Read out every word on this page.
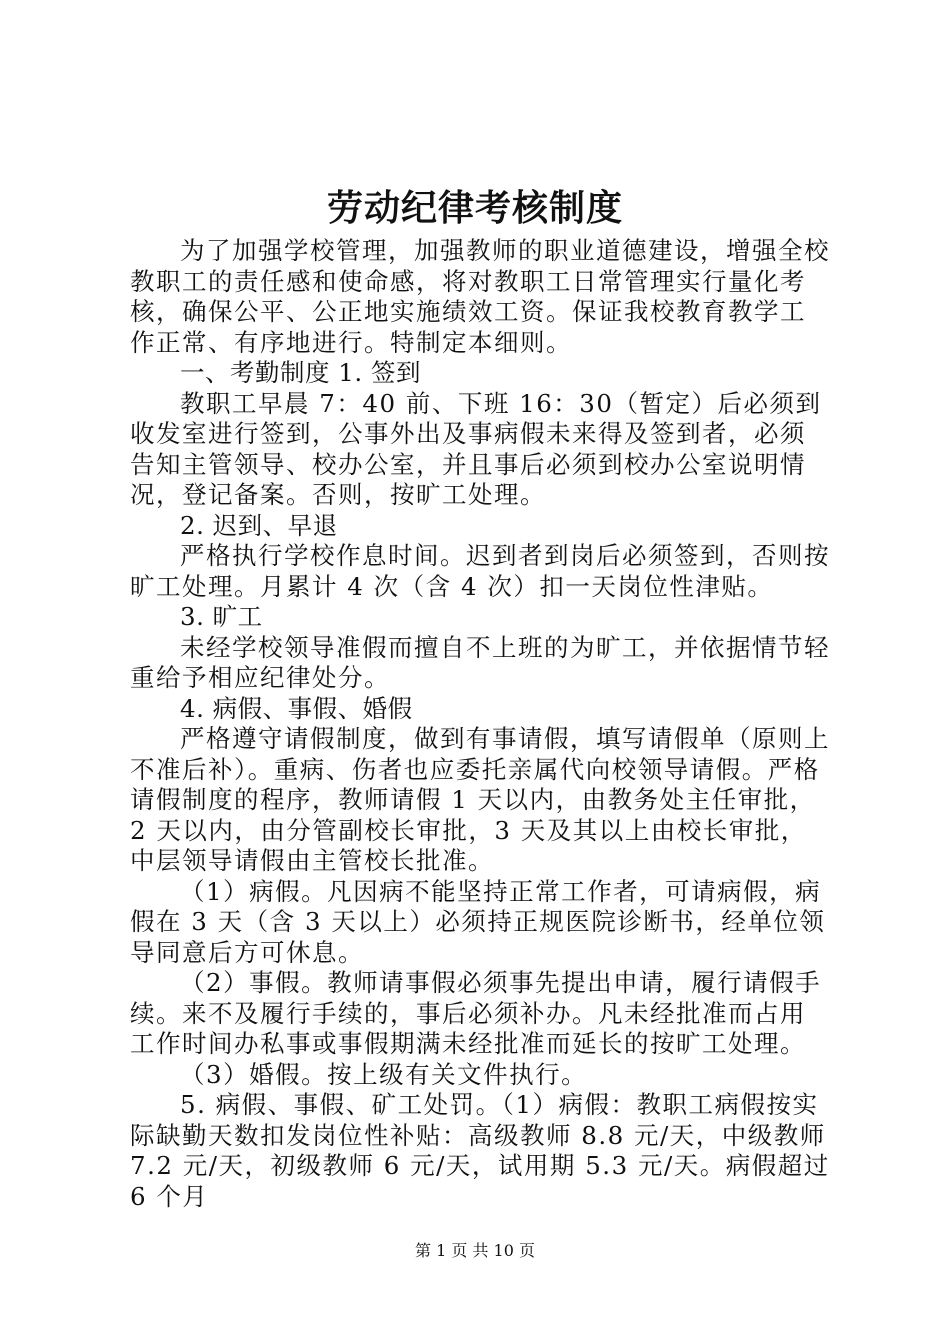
劳动纪律考核制度

为了加强学校管理，加强教师的职业道德建设，增强全校教职工的责任感和使命感，将对教职工日常管理实行量化考核，确保公平、公正地实施绩效工资。保证我校教育教学工作正常、有序地进行。特制定本细则。

一、考勤制度 1. 签到

教职工早晨 7：40 前、下班 16：30（暂定）后必须到收发室进行签到，公事外出及事病假未来得及签到者，必须告知主管领导、校办公室，并且事后必须到校办公室说明情况，登记备案。否则，按旷工处理。

2. 迟到、早退

严格执行学校作息时间。迟到者到岗后必须签到，否则按旷工处理。月累计 4 次（含 4 次）扣一天岗位性津贴。

3. 旷工

未经学校领导准假而擅自不上班的为旷工，并依据情节轻重给予相应纪律处分。

4. 病假、事假、婚假

严格遵守请假制度，做到有事请假，填写请假单（原则上不准后补）。重病、伤者也应委托亲属代向校领导请假。严格请假制度的程序，教师请假 1 天以内，由教务处主任审批，2 天以内，由分管副校长审批，3 天及其以上由校长审批，中层领导请假由主管校长批准。

（1）病假。凡因病不能坚持正常工作者，可请病假，病假在 3 天（含 3 天以上）必须持正规医院诊断书，经单位领导同意后方可休息。

（2）事假。教师请事假必须事先提出申请，履行请假手续。来不及履行手续的，事后必须补办。凡未经批准而占用工作时间办私事或事假期满未经批准而延长的按旷工处理。

（3）婚假。按上级有关文件执行。

5. 病假、事假、矿工处罚。（1）病假：教职工病假按实际缺勤天数扣发岗位性补贴：高级教师 8.8 元/天，中级教师 7.2 元/天，初级教师 6 元/天，试用期 5.3 元/天。病假超过 6 个月

第 1 页 共 10 页
